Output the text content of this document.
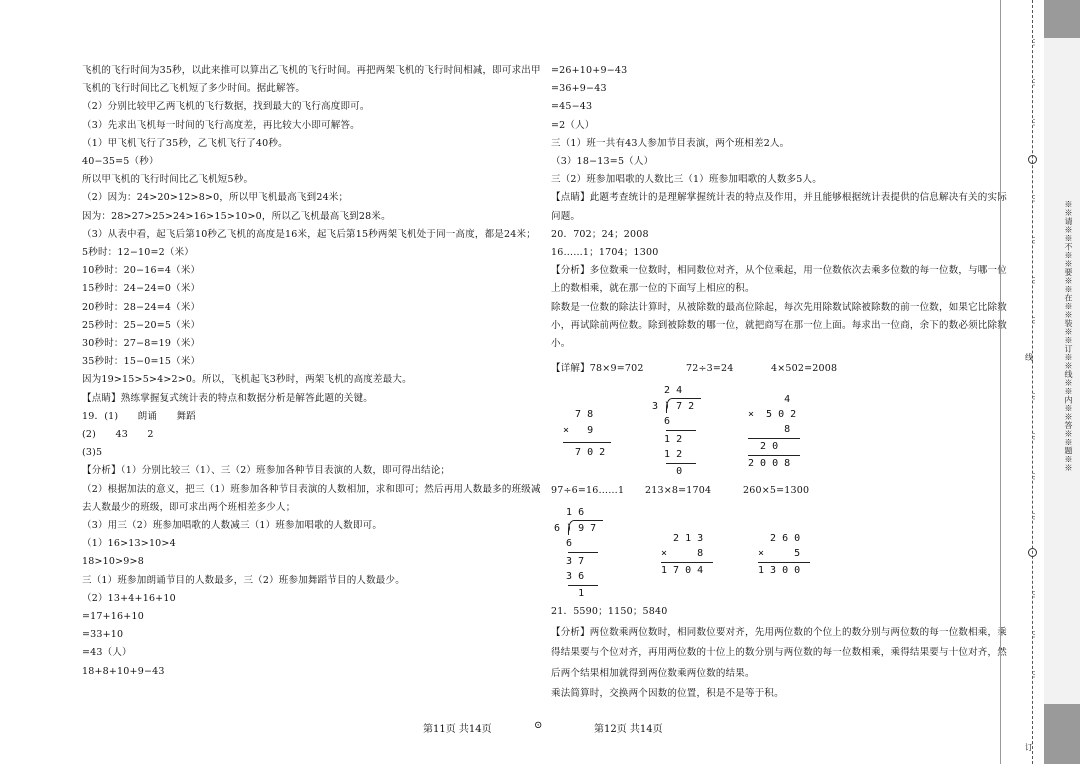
飞机的飞行时间为35秒，以此来推可以算出乙飞机的飞行时间。再把两架飞机的飞行时间相减，即可求出甲
飞机的飞行时间比乙飞机短了多少时间。据此解答。
（2）分别比较甲乙两飞机的飞行数据，找到最大的飞行高度即可。
（3）先求出飞机每一时间的飞行高度差，再比较大小即可解答。
（1）甲飞机飞行了35秒，乙飞机飞行了40秒。
40−35=5（秒）
所以甲飞机的飞行时间比乙飞机短5秒。
（2）因为：24>20>12>8>0，所以甲飞机最高飞到24米；
因为：28>27>25>24>16>15>10>0，所以乙飞机最高飞到28米。
（3）从表中看，起飞后第10秒乙飞机的高度是16米，起飞后第15秒两架飞机处于同一高度，都是24米；
5秒时：12−10=2（米）
10秒时：20−16=4（米）
15秒时：24−24=0（米）
20秒时：28−24=4（米）
25秒时：25−20=5（米）
30秒时：27−8=19（米）
35秒时：15−0=15（米）
因为19>15>5>4>2>0。所以，飞机起飞3秒时，两架飞机的高度差最大。
【点睛】熟练掌握复式统计表的特点和数据分析是解答此题的关键。
19．(1)　　朗诵　　舞蹈
(2)　　43　　2
(3)5
【分析】（1）分别比较三（1）、三（2）班参加各种节目表演的人数，即可得出结论；
（2）根据加法的意义，把三（1）班参加各种节目表演的人数相加，求和即可；然后再用人数最多的班级减
去人数最少的班级，即可求出两个班相差多少人；
（3）用三（2）班参加唱歌的人数减三（1）班参加唱歌的人数即可。
（1）16>13>10>4
18>10>9>8
三（1）班参加朗诵节目的人数最多，三（2）班参加舞蹈节目的人数最少。
（2）13+4+16+10
=17+16+10
=33+10
=43（人）
18+8+10+9−43
=26+10+9−43
=36+9−43
=45−43
=2（人）
三（1）班一共有43人参加节目表演，两个班相差2人。
（3）18−13=5（人）
三（2）班参加唱歌的人数比三（1）班参加唱歌的人数多5人。
【点睛】此题考查统计的是理解掌握统计表的特点及作用，并且能够根据统计表提供的信息解决有关的实际
问题。
20．702；24；2008
16……1；1704；1300
【分析】多位数乘一位数时，相同数位对齐，从个位乘起，用一位数依次去乘多位数的每一位数，与哪一位
上的数相乘，就在那一位的下面写上相应的积。
除数是一位数的除法计算时，从被除数的最高位除起，每次先用除数试除被除数的前一位数，如果它比除数
小，再试除前两位数。除到被除数的哪一位，就把商写在那一位上面。每求出一位商，余下的数必须比除数
小。
【详解】78×9=702	72÷3=24	4×502=2008
7 8
×   9
7 0 2
2 4
3 ) 7 2
6
1 2
1 2
0
4
×  5 0 2
8
2 0
2 0 0 8
97÷6=16……1 213×8=1704	260×5=1300
1 6
6 ) 9 7
6
3 7
3 6
1
2 1 3
×     8
1 7 0 4
2 6 0
×     5
1 3 0 0
21．5590；1150；5840
【分析】两位数乘两位数时，相同数位要对齐，先用两位数的个位上的数分别与两位数的每一位数相乘，乘
得结果要与个位对齐，再用两位数的十位上的数分别与两位数的每一位数相乘，乘得结果要与十位对齐，然
后两个结果相加就得到两位数乘两位数的结果。
乘法简算时，交换两个因数的位置，积是不是等于积。
第11页 共14页	⊙	第12页 共14页
⋮
⋮
⋮
⋮
⋮
⋮
⋮
线
⋮
⋮
⋮
⋮
⋮
⋮
⋮
订
※※请※※不※※要※※在※※装※※订※※线※※内※※答※※题※※
